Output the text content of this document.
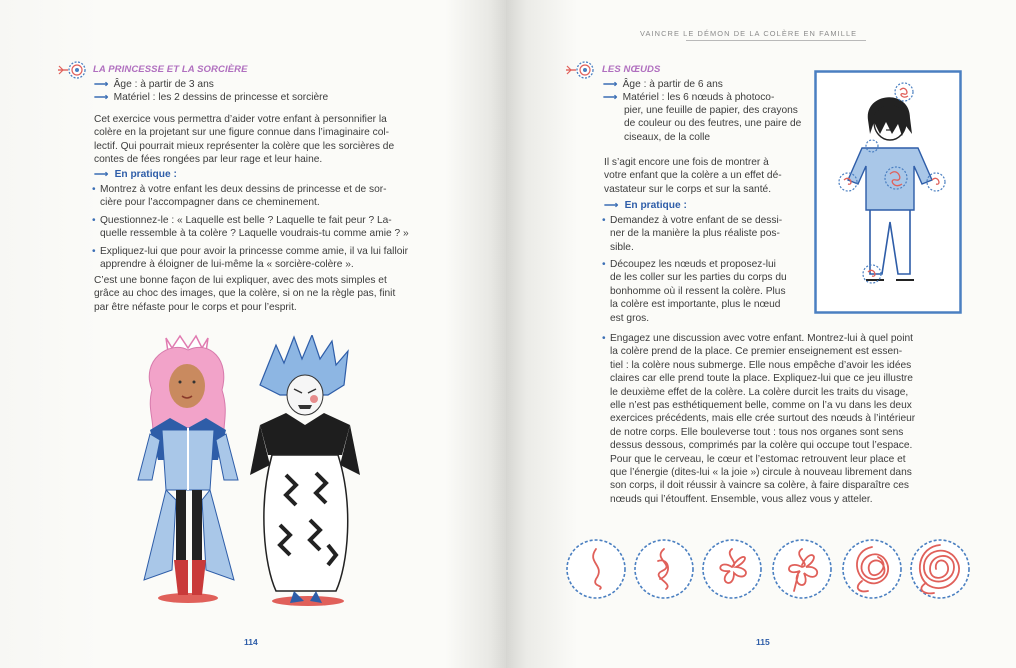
LA PRINCESSE ET LA SORCIÈRE
⟶ Âge : à partir de 3 ans
⟶ Matériel : les 2 dessins de princesse et sorcière
Cet exercice vous permettra d’aider votre enfant à personnifier la
colère en la projetant sur une figure connue dans l’imaginaire col-
lectif. Qui pourrait mieux représenter la colère que les sorcières de
contes de fées rongées par leur rage et leur haine.
⟶ En pratique :
• Montrez à votre enfant les deux dessins de princesse et de sor-
cière pour l’accompagner dans ce cheminement.
• Questionnez-le : « Laquelle est belle ? Laquelle te fait peur ? La-
quelle ressemble à ta colère ? Laquelle voudrais-tu comme amie ? »
• Expliquez-lui que pour avoir la princesse comme amie, il va lui falloir
apprendre à éloigner de lui-même la « sorcière-colère ».
C’est une bonne façon de lui expliquer, avec des mots simples et
grâce au choc des images, que la colère, si on ne la règle pas, finit
par être néfaste pour le corps et pour l’esprit.
114
VAINCRE LE DÉMON DE LA COLÈRE EN FAMILLE
LES NŒUDS
⟶ Âge : à partir de 6 ans
⟶ Matériel : les 6 nœuds à photoco-
pier, une feuille de papier, des crayons
de couleur ou des feutres, une paire de
ciseaux, de la colle
Il s’agit encore une fois de montrer à
votre enfant que la colère a un effet dé-
vastateur sur le corps et sur la santé.
⟶ En pratique :
• Demandez à votre enfant de se dessi-
ner de la manière la plus réaliste pos-
sible.
• Découpez les nœuds et proposez-lui
de les coller sur les parties du corps du
bonhomme où il ressent la colère. Plus
la colère est importante, plus le nœud
est gros.
• Engagez une discussion avec votre enfant. Montrez-lui à quel point
la colère prend de la place. Ce premier enseignement est essen-
tiel : la colère nous submerge. Elle nous empêche d’avoir les idées
claires car elle prend toute la place. Expliquez-lui que ce jeu illustre
le deuxième effet de la colère. La colère durcit les traits du visage,
elle n’est pas esthétiquement belle, comme on l’a vu dans les deux
exercices précédents, mais elle crée surtout des nœuds à l’intérieur
de notre corps. Elle bouleverse tout : tous nos organes sont sens
dessus dessous, comprimés par la colère qui occupe tout l’espace.
Pour que le cerveau, le cœur et l’estomac retrouvent leur place et
que l’énergie (dites-lui « la joie ») circule à nouveau librement dans
son corps, il doit réussir à vaincre sa colère, à faire disparaître ces
nœuds qui l’étouffent. Ensemble, vous allez vous y atteler.
115
